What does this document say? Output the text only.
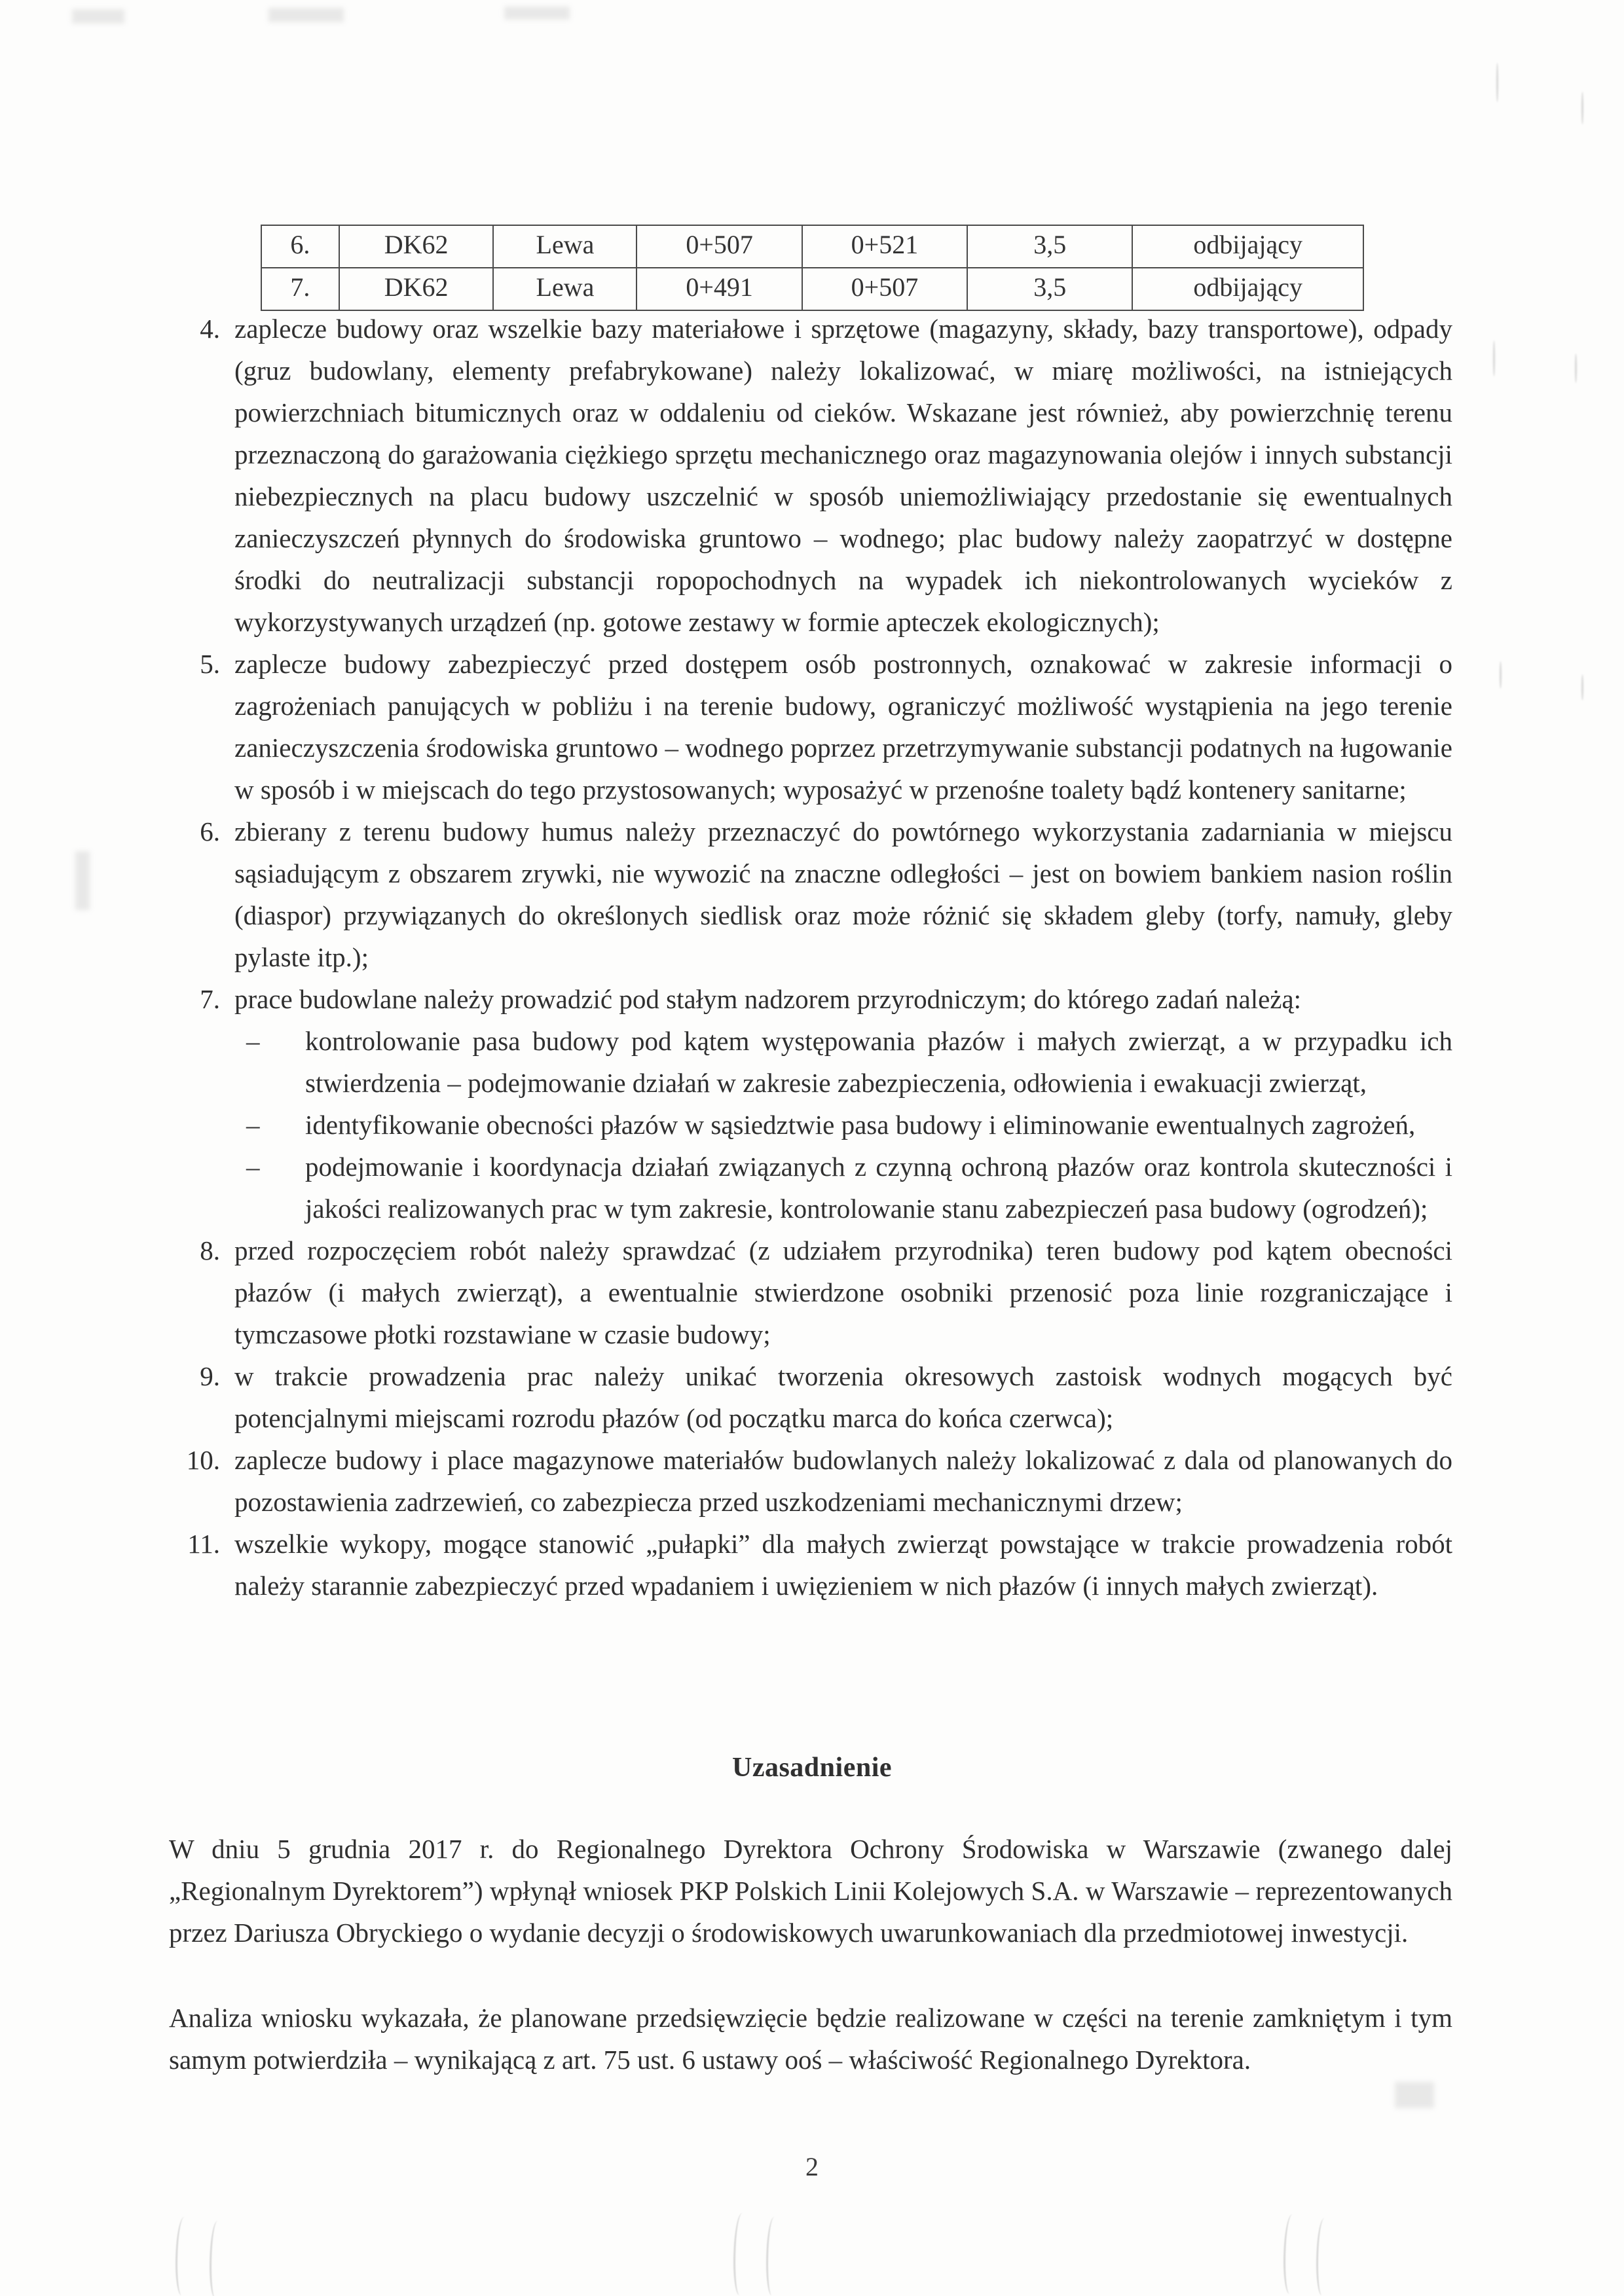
6.	DK62	Lewa	0+507	0+521	3,5	odbijający
7.	DK62	Lewa	0+491	0+507	3,5	odbijający
4. zaplecze budowy oraz wszelkie bazy materiałowe i sprzętowe (magazyny, składy, bazy transportowe), odpady (gruz budowlany, elementy prefabrykowane) należy lokalizować, w miarę możliwości, na istniejących powierzchniach bitumicznych oraz w oddaleniu od cieków. Wskazane jest również, aby powierzchnię terenu przeznaczoną do garażowania ciężkiego sprzętu mechanicznego oraz magazynowania olejów i innych substancji niebezpiecznych na placu budowy uszczelnić w sposób uniemożliwiający przedostanie się ewentualnych zanieczyszczeń płynnych do środowiska gruntowo – wodnego; plac budowy należy zaopatrzyć w dostępne środki do neutralizacji substancji ropopochodnych na wypadek ich niekontrolowanych wycieków z wykorzystywanych urządzeń (np. gotowe zestawy w formie apteczek ekologicznych);
5. zaplecze budowy zabezpieczyć przed dostępem osób postronnych, oznakować w zakresie informacji o zagrożeniach panujących w pobliżu i na terenie budowy, ograniczyć możliwość wystąpienia na jego terenie zanieczyszczenia środowiska gruntowo – wodnego poprzez przetrzymywanie substancji podatnych na ługowanie w sposób i w miejscach do tego przystosowanych; wyposażyć w przenośne toalety bądź kontenery sanitarne;
6. zbierany z terenu budowy humus należy przeznaczyć do powtórnego wykorzystania zadarniania w miejscu sąsiadującym z obszarem zrywki, nie wywozić na znaczne odległości – jest on bowiem bankiem nasion roślin (diaspor) przywiązanych do określonych siedlisk oraz może różnić się składem gleby (torfy, namuły, gleby pylaste itp.);
7. prace budowlane należy prowadzić pod stałym nadzorem przyrodniczym; do którego zadań należą:
– kontrolowanie pasa budowy pod kątem występowania płazów i małych zwierząt, a w przypadku ich stwierdzenia – podejmowanie działań w zakresie zabezpieczenia, odłowienia i ewakuacji zwierząt,
– identyfikowanie obecności płazów w sąsiedztwie pasa budowy i eliminowanie ewentualnych zagrożeń,
– podejmowanie i koordynacja działań związanych z czynną ochroną płazów oraz kontrola skuteczności i jakości realizowanych prac w tym zakresie, kontrolowanie stanu zabezpieczeń pasa budowy (ogrodzeń);
8. przed rozpoczęciem robót należy sprawdzać (z udziałem przyrodnika) teren budowy pod kątem obecności płazów (i małych zwierząt), a ewentualnie stwierdzone osobniki przenosić poza linie rozgraniczające i tymczasowe płotki rozstawiane w czasie budowy;
9. w trakcie prowadzenia prac należy unikać tworzenia okresowych zastoisk wodnych mogących być potencjalnymi miejscami rozrodu płazów (od początku marca do końca czerwca);
10. zaplecze budowy i place magazynowe materiałów budowlanych należy lokalizować z dala od planowanych do pozostawienia zadrzewień, co zabezpiecza przed uszkodzeniami mechanicznymi drzew;
11. wszelkie wykopy, mogące stanowić „pułapki” dla małych zwierząt powstające w trakcie prowadzenia robót należy starannie zabezpieczyć przed wpadaniem i uwięzieniem w nich płazów (i innych małych zwierząt).
Uzasadnienie
W dniu 5 grudnia 2017 r. do Regionalnego Dyrektora Ochrony Środowiska w Warszawie (zwanego dalej „Regionalnym Dyrektorem”) wpłynął wniosek PKP Polskich Linii Kolejowych S.A. w Warszawie – reprezentowanych przez Dariusza Obryckiego o wydanie decyzji o środowiskowych uwarunkowaniach dla przedmiotowej inwestycji.
Analiza wniosku wykazała, że planowane przedsięwzięcie będzie realizowane w części na terenie zamkniętym i tym samym potwierdziła – wynikającą z art. 75 ust. 6 ustawy ooś – właściwość Regionalnego Dyrektora.
2
